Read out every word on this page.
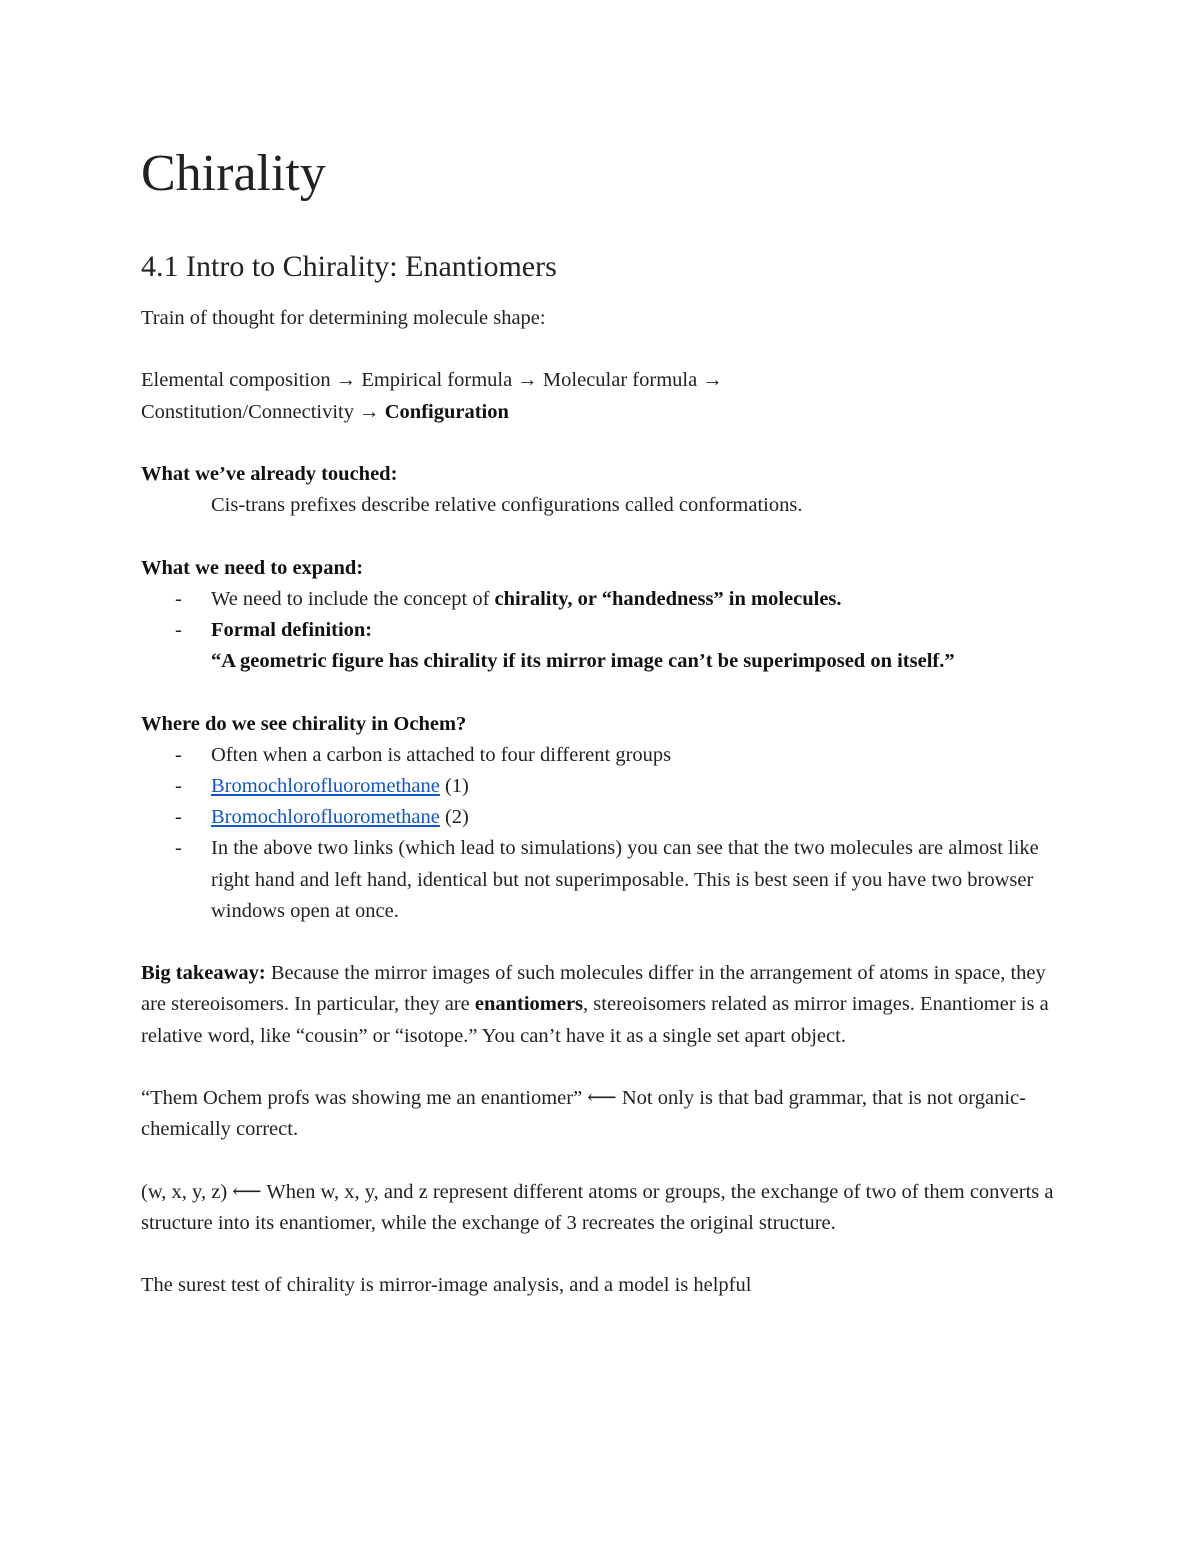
Chirality
4.1 Intro to Chirality: Enantiomers

Train of thought for determining molecule shape:

Elemental composition → Empirical formula → Molecular formula →

Constitution/Connectivity → Configuration

What we’ve already touched:

Cis-trans prefixes describe relative configurations called conformations.

What we need to expand:

- We need to include the concept of chirality, or “handedness” in molecules.
- Formal definition:
“A geometric figure has chirality if its mirror image can’t be superimposed on itself.”

Where do we see chirality in Ochem?

- Often when a carbon is attached to four different groups
- Bromochlorofluoromethane (1)
- Bromochlorofluoromethane (2)
- In the above two links (which lead to simulations) you can see that the two molecules are almost like right hand and left hand, identical but not superimposable. This is best seen if you have two browser windows open at once.

Big takeaway: Because the mirror images of such molecules differ in the arrangement of atoms in space, they are stereoisomers. In particular, they are enantiomers, stereoisomers related as mirror images. Enantiomer is a relative word, like “cousin” or “isotope.” You can’t have it as a single set apart object.

“Them Ochem profs was showing me an enantiomer” ⟵ Not only is that bad grammar, that is not organic-chemically correct.

(w, x, y, z) ⟵ When w, x, y, and z represent different atoms or groups, the exchange of two of them converts a structure into its enantiomer, while the exchange of 3 recreates the original structure.

The surest test of chirality is mirror-image analysis, and a model is helpful
